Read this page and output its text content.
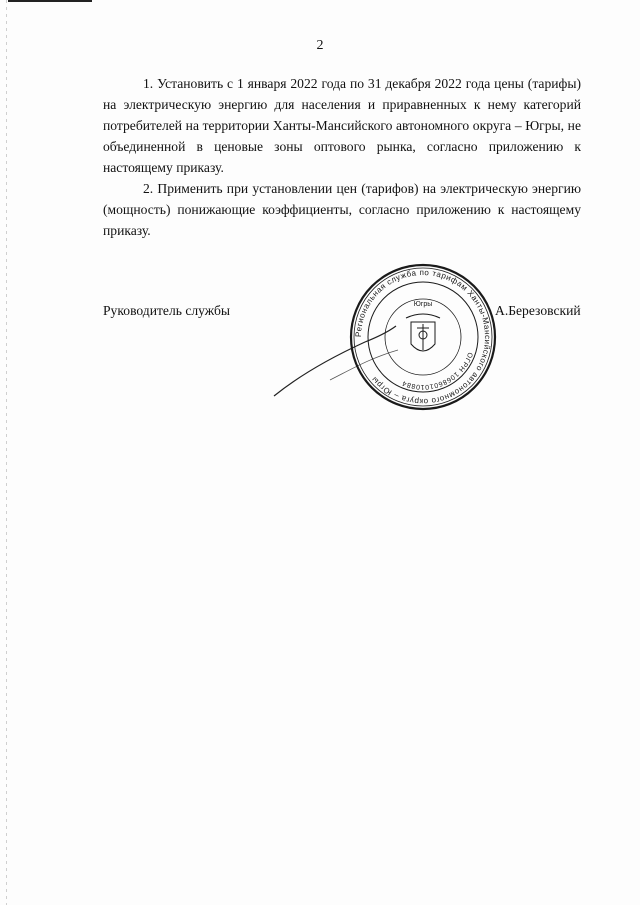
2

1. Установить с 1 января 2022 года по 31 декабря 2022 года цены (тарифы) на электрическую энергию для населения и приравненных к нему категорий потребителей на территории Ханты-Мансийского автономного округа – Югры, не объединенной в ценовые зоны оптового рынка, согласно приложению к настоящему приказу.

2. Применить при установлении цен (тарифов) на электрическую энергию (мощность) понижающие коэффициенты, согласно приложению к настоящему приказу.

Руководитель службы
Региональная служба по тарифам Ханты-Мансийского автономного округа – Югры
ОГРН 1068601010884
Югры	А.Березовский
